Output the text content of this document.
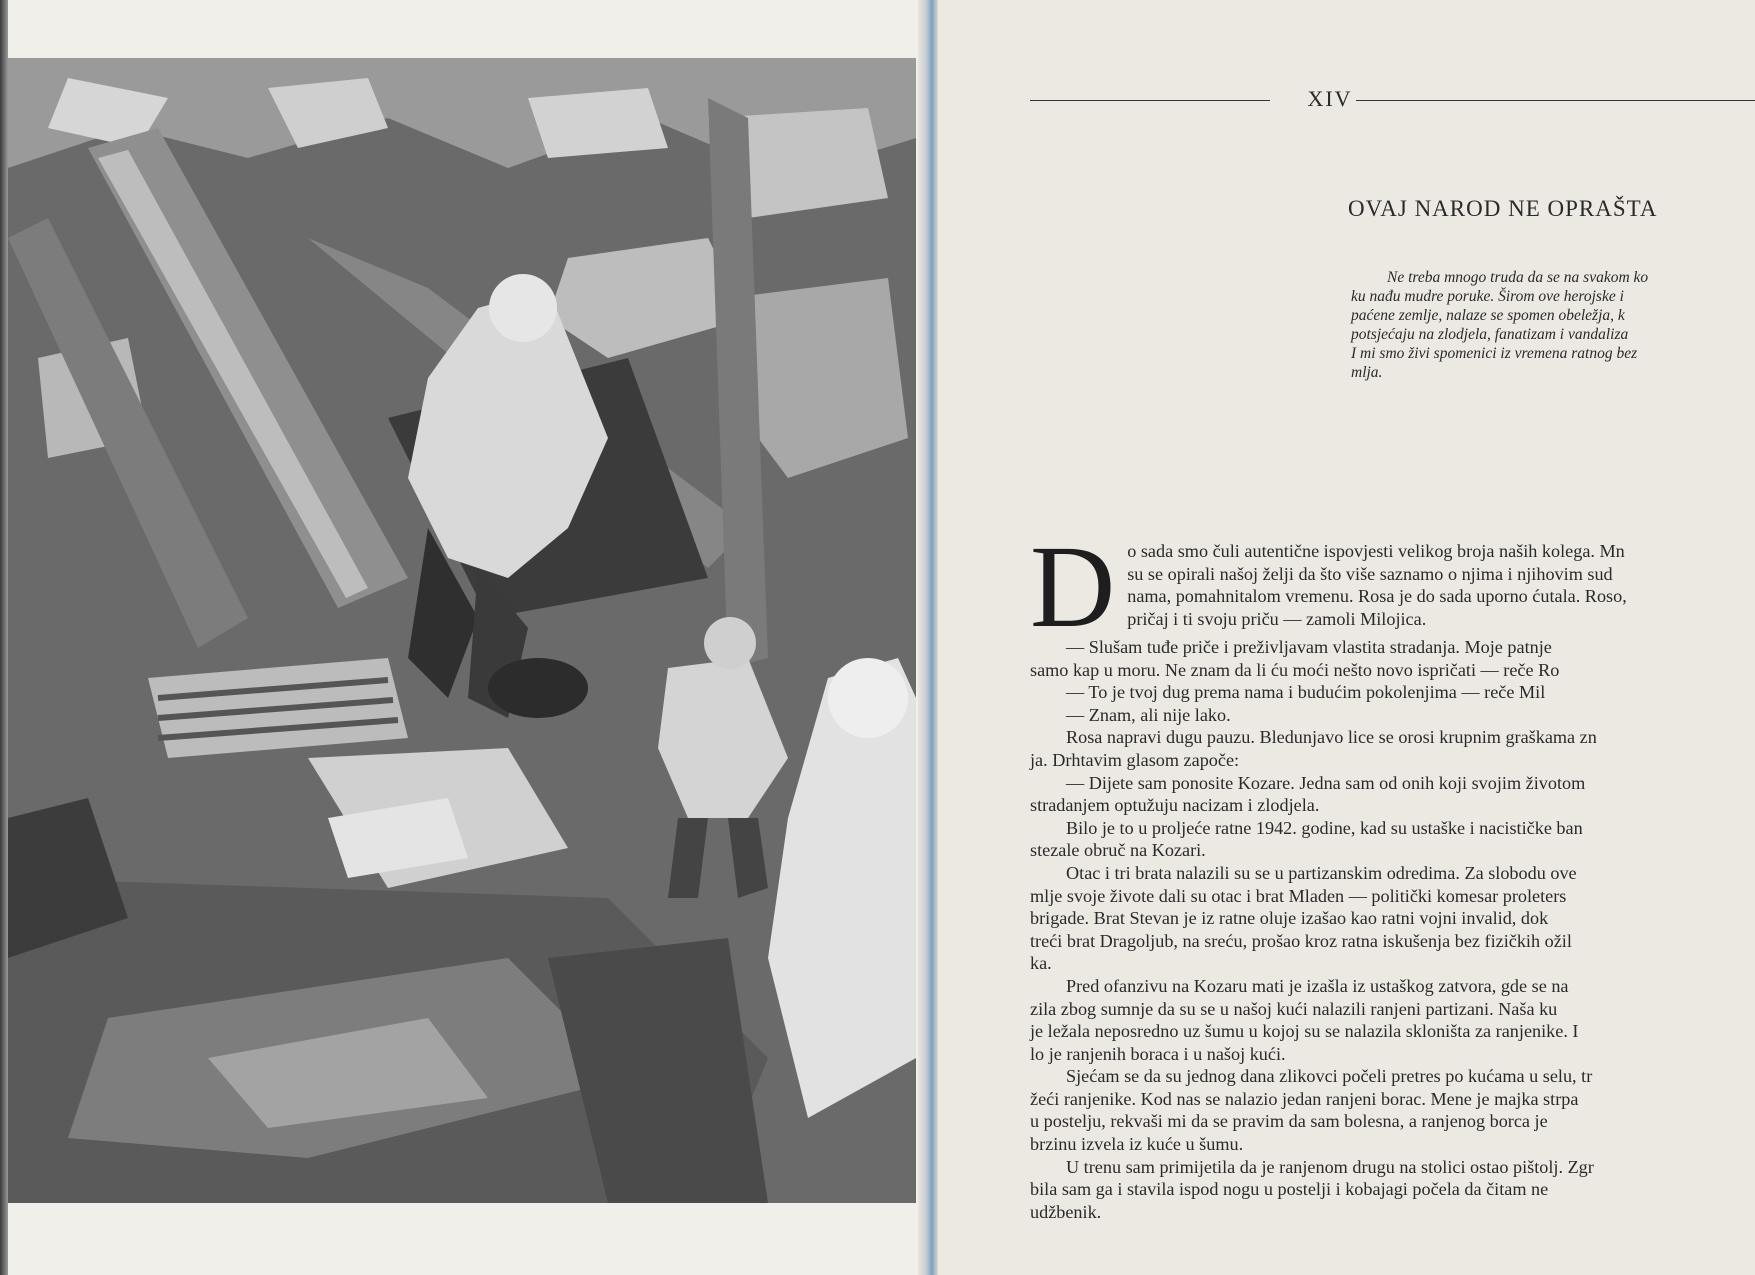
XIV
OVAJ NAROD NE OPRAŠTA

Ne treba mnogo truda da se na svakom ko

ku nađu mudre poruke. Širom ove herojske i
paćene zemlje, nalaze se spomen obeležja, k
potsjećaju na zlodjela, fanatizam i vandaliza
I mi smo živi spomenici iz vremena ratnog bez
mlja.
D o sada smo čuli autentične ispovjesti velikog broja naših kolega. Mn

su se opirali našoj želji da što više saznamo o njima i njihovim sud

nama, pomahnitalom vremenu. Rosa je do sada uporno ćutala. Roso,

pričaj i ti svoju priču — zamoli Milojica.

— Slušam tuđe priče i preživljavam vlastita stradanja. Moje patnje

samo kap u moru. Ne znam da li ću moći nešto novo ispričati — reče Ro

— To je tvoj dug prema nama i budućim pokolenjima — reče Mil

— Znam, ali nije lako.

Rosa napravi dugu pauzu. Bledunjavo lice se orosi krupnim graškama zn

ja. Drhtavim glasom započe:

— Dijete sam ponosite Kozare. Jedna sam od onih koji svojim životom

stradanjem optužuju nacizam i zlodjela.

Bilo je to u proljeće ratne 1942. godine, kad su ustaške i nacističke ban

stezale obruč na Kozari.

Otac i tri brata nalazili su se u partizanskim odredima. Za slobodu ove

mlje svoje živote dali su otac i brat Mladen — politički komesar proleters

brigade. Brat Stevan je iz ratne oluje izašao kao ratni vojni invalid, dok

treći brat Dragoljub, na sreću, prošao kroz ratna iskušenja bez fizičkih ožil

ka.

Pred ofanzivu na Kozaru mati je izašla iz ustaškog zatvora, gde se na

zila zbog sumnje da su se u našoj kući nalazili ranjeni partizani. Naša ku

je ležala neposredno uz šumu u kojoj su se nalazila skloništa za ranjenike. I

lo je ranjenih boraca i u našoj kući.

Sjećam se da su jednog dana zlikovci počeli pretres po kućama u selu, tr

žeći ranjenike. Kod nas se nalazio jedan ranjeni borac. Mene je majka strpa

u postelju, rekvaši mi da se pravim da sam bolesna, a ranjenog borca je

brzinu izvela iz kuće u šumu.

U trenu sam primijetila da je ranjenom drugu na stolici ostao pištolj. Zgr

bila sam ga i stavila ispod nogu u postelji i kobajagi počela da čitam ne

udžbenik.
